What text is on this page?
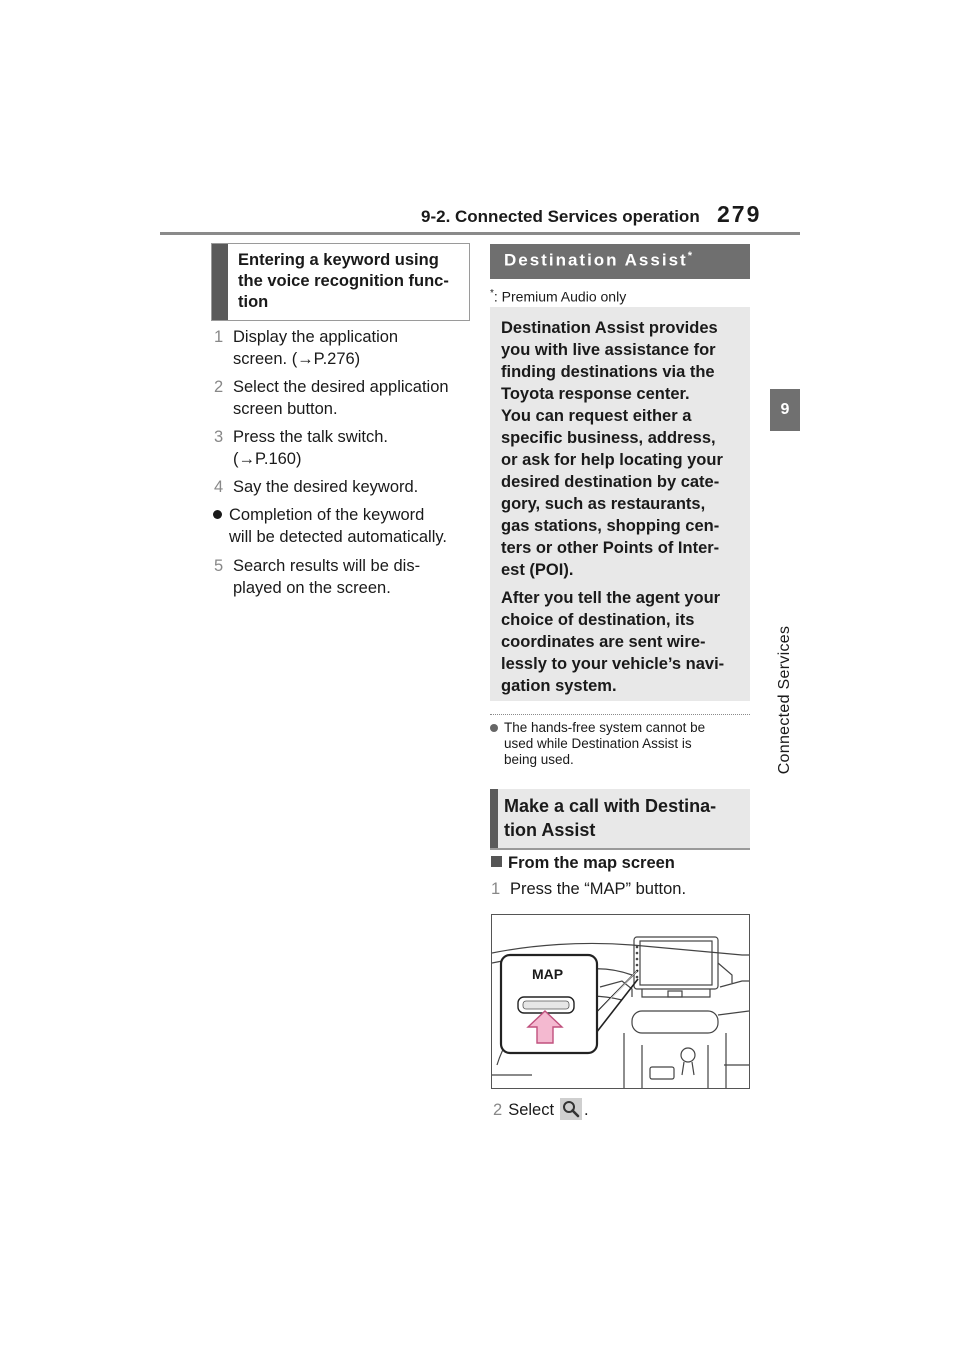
9-2. Connected Services operation 279
9
Connected Services
Entering a keyword using
the voice recognition func-
tion
1 Display the application
screen. (→P.276)
2 Select the desired application
screen button.
3 Press the talk switch.
(→P.160)
4 Say the desired keyword.
Completion of the keyword
will be detected automatically.
5 Search results will be dis-
played on the screen.
Destination Assist*
*: Premium Audio only

Destination Assist provides
you with live assistance for
finding destinations via the
Toyota response center.
You can request either a
specific business, address,
or ask for help locating your
desired destination by cate-
gory, such as restaurants,
gas stations, shopping cen-
ters or other Points of Inter-
est (POI).

After you tell the agent your
choice of destination, its
coordinates are sent wire-
lessly to your vehicle’s navi-
gation system.

The hands-free system cannot be
used while Destination Assist is
being used.
Make a call with Destina-
tion Assist
From the map screen
1 Press the “MAP” button.
MAP
2 Select .
